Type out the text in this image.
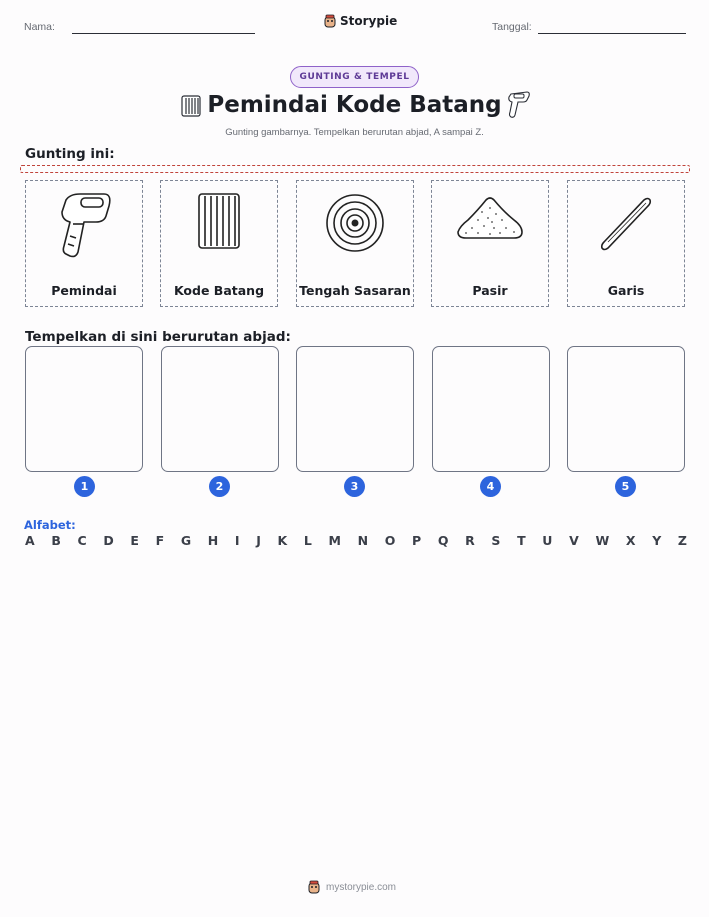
Nama:	Storypie	Tanggal:
GUNTING & TEMPEL
Pemindai Kode Batang
Gunting gambarnya. Tempelkan berurutan abjad, A sampai Z.
Gunting ini:
Pemindai	Kode Batang	Tengah Sasaran	Pasir	Garis
Tempelkan di sini berurutan abjad:
1	2	3	4	5
Alfabet:
A B C D E F G H I J K L M N O P Q R S T U V W X Y Z
mystorypie.com
